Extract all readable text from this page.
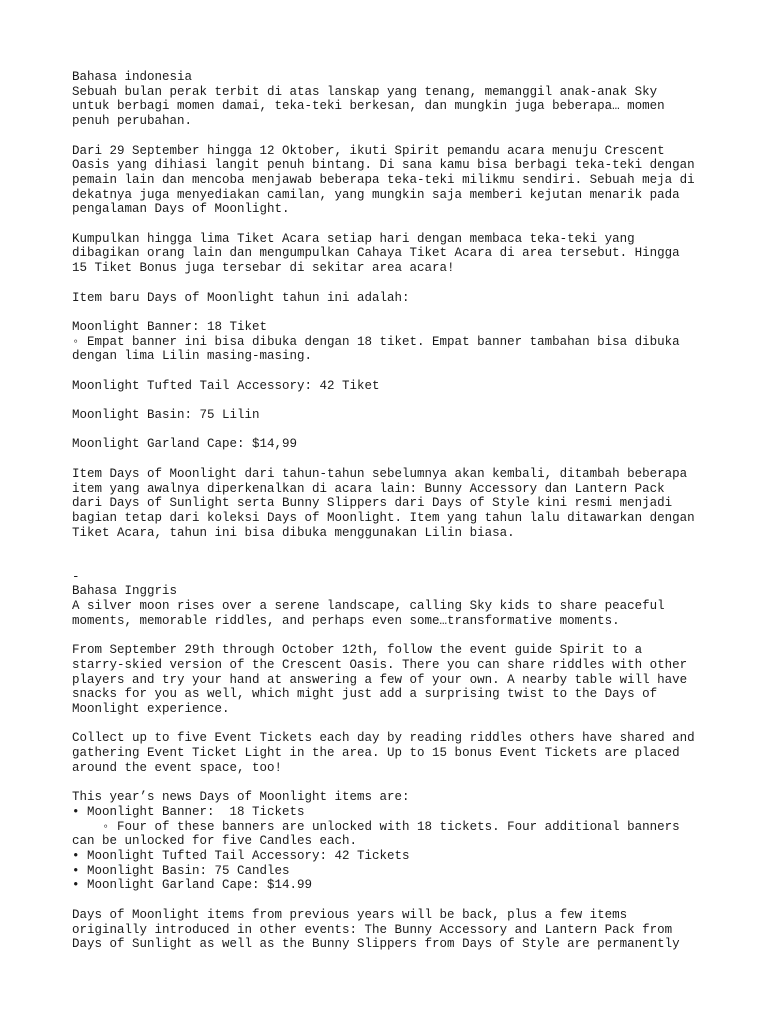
Bahasa indonesia
Sebuah bulan perak terbit di atas lanskap yang tenang, memanggil anak-anak Sky
untuk berbagi momen damai, teka-teki berkesan, dan mungkin juga beberapa… momen
penuh perubahan.
Dari 29 September hingga 12 Oktober, ikuti Spirit pemandu acara menuju Crescent
Oasis yang dihiasi langit penuh bintang. Di sana kamu bisa berbagi teka-teki dengan
pemain lain dan mencoba menjawab beberapa teka-teki milikmu sendiri. Sebuah meja di
dekatnya juga menyediakan camilan, yang mungkin saja memberi kejutan menarik pada
pengalaman Days of Moonlight.
Kumpulkan hingga lima Tiket Acara setiap hari dengan membaca teka-teki yang
dibagikan orang lain dan mengumpulkan Cahaya Tiket Acara di area tersebut. Hingga
15 Tiket Bonus juga tersebar di sekitar area acara!
Item baru Days of Moonlight tahun ini adalah:
Moonlight Banner: 18 Tiket
◦ Empat banner ini bisa dibuka dengan 18 tiket. Empat banner tambahan bisa dibuka
dengan lima Lilin masing-masing.
Moonlight Tufted Tail Accessory: 42 Tiket
Moonlight Basin: 75 Lilin
Moonlight Garland Cape: $14,99
Item Days of Moonlight dari tahun-tahun sebelumnya akan kembali, ditambah beberapa
item yang awalnya diperkenalkan di acara lain: Bunny Accessory dan Lantern Pack
dari Days of Sunlight serta Bunny Slippers dari Days of Style kini resmi menjadi
bagian tetap dari koleksi Days of Moonlight. Item yang tahun lalu ditawarkan dengan
Tiket Acara, tahun ini bisa dibuka menggunakan Lilin biasa.
-
Bahasa Inggris
A silver moon rises over a serene landscape, calling Sky kids to share peaceful
moments, memorable riddles, and perhaps even some…transformative moments.
From September 29th through October 12th, follow the event guide Spirit to a
starry-skied version of the Crescent Oasis. There you can share riddles with other
players and try your hand at answering a few of your own. A nearby table will have
snacks for you as well, which might just add a surprising twist to the Days of
Moonlight experience.
Collect up to five Event Tickets each day by reading riddles others have shared and
gathering Event Ticket Light in the area. Up to 15 bonus Event Tickets are placed
around the event space, too!
This year’s news Days of Moonlight items are:
• Moonlight Banner:  18 Tickets
◦ Four of these banners are unlocked with 18 tickets. Four additional banners
can be unlocked for five Candles each.
• Moonlight Tufted Tail Accessory: 42 Tickets
• Moonlight Basin: 75 Candles
• Moonlight Garland Cape: $14.99
Days of Moonlight items from previous years will be back, plus a few items
originally introduced in other events: The Bunny Accessory and Lantern Pack from
Days of Sunlight as well as the Bunny Slippers from Days of Style are permanently
